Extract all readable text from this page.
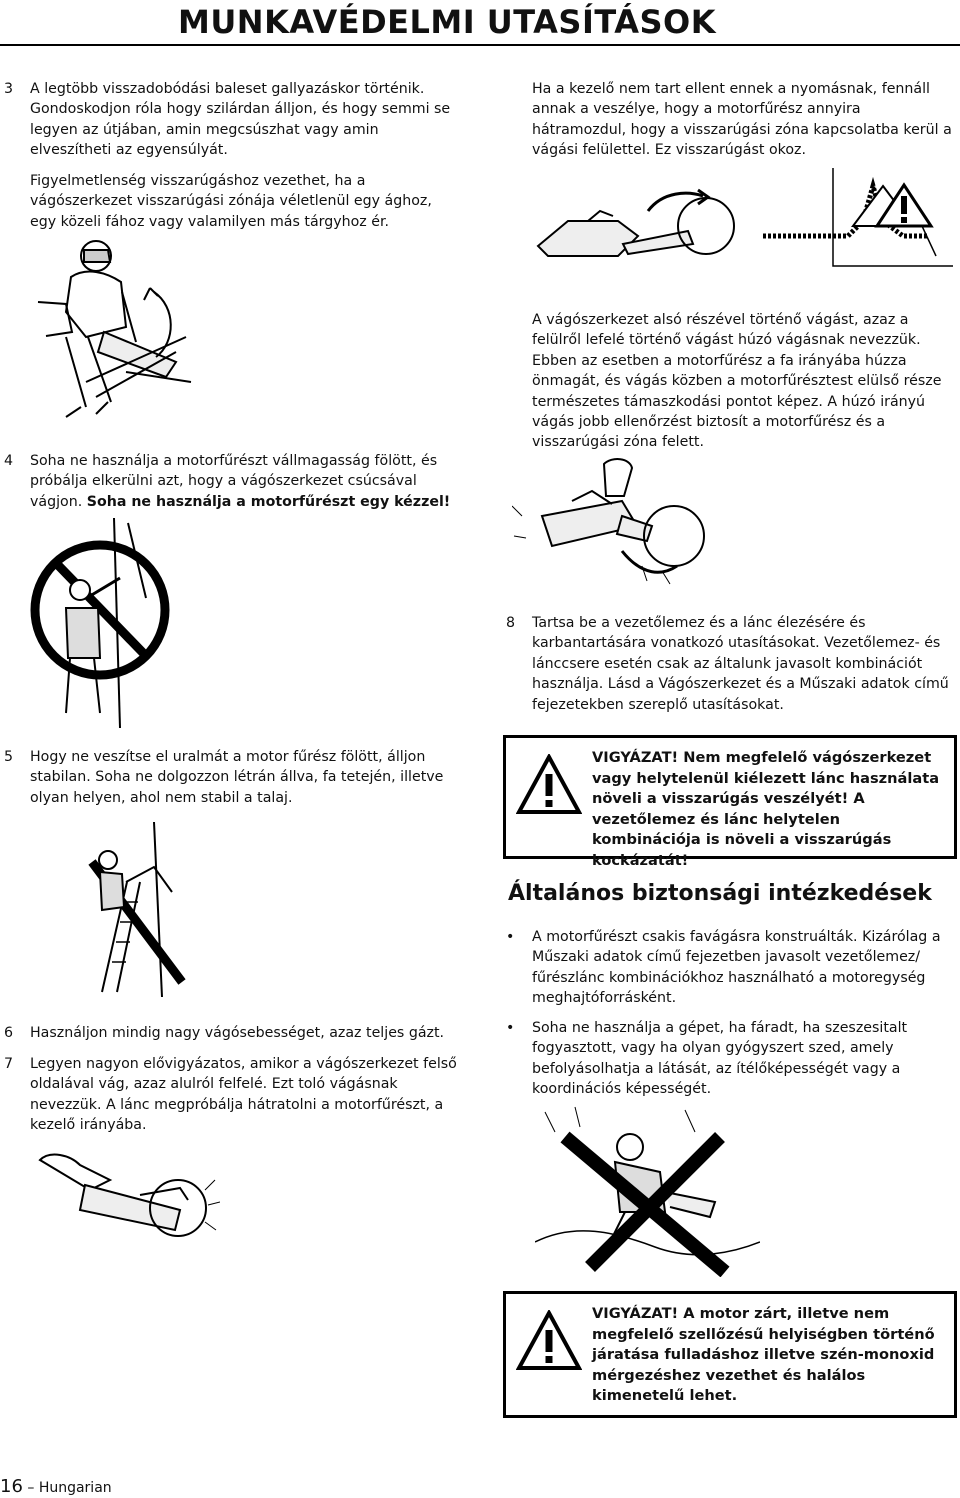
MUNKAVÉDELMI UTASÍTÁSOK
3	A legtöbb visszadobódási baleset gallyazáskor történik. Gondoskodjon róla hogy szilárdan álljon, és hogy semmi se legyen az útjában, amin megcsúszhat vagy amin elveszítheti az egyensúlyát.

Figyelmetlenség visszarúgáshoz vezethet, ha a vágószerkezet visszarúgási zónája véletlenül egy ághoz, egy közeli fához vagy valamilyen más tárgyhoz ér.

4	Soha ne használja a motorfűrészt vállmagasság fölött, és próbálja elkerülni azt, hogy a vágószerkezet csúcsával vágjon. Soha ne használja a motorfűrészt egy kézzel!

5	Hogy ne veszítse el uralmát a motor fűrész fölött, álljon stabilan. Soha ne dolgozzon létrán állva, fa tetején, illetve olyan helyen, ahol nem stabil a talaj.

6	Használjon mindig nagy vágósebességet, azaz teljes gázt.

7	Legyen nagyon elővigyázatos, amikor a vágószerkezet felső oldalával vág, azaz alulról felfelé. Ezt toló vágásnak nevezzük. A lánc megpróbálja hátratolni a motorfűrészt, a kezelő irányába.

Ha a kezelő nem tart ellent ennek a nyomásnak, fennáll annak a veszélye, hogy a motorfűrész annyira hátramozdul, hogy a visszarúgási zóna kapcsolatba kerül a vágási felülettel. Ez visszarúgást okoz.

A vágószerkezet alsó részével történő vágást, azaz a felülről lefelé történő vágást húzó vágásnak nevezzük. Ebben az esetben a motorfűrész a fa irányába húzza önmagát, és vágás közben a motorfűrésztest elülső része természetes támaszkodási pontot képez. A húzó irányú vágás jobb ellenőrzést biztosít a motorfűrész és a visszarúgási zóna felett.

8	Tartsa be a vezetőlemez és a lánc élezésére és karbantartására vonatkozó utasításokat. Vezetőlemez- és lánccsere esetén csak az általunk javasolt kombinációt használja. Lásd a Vágószerkezet és a Műszaki adatok című fejezetekben szereplő utasításokat.

VIGYÁZAT! Nem megfelelő vágószerkezet vagy helytelenül kiélezett lánc használata növeli a visszarúgás veszélyét! A vezetőlemez és lánc helytelen kombinációja is növeli a visszarúgás kockázatát!
Általános biztonsági intézkedések
• A motorfűrészt csakis favágásra konstruálták. Kizárólag a Műszaki adatok című fejezetben javasolt vezetőlemez/ fűrészlánc kombinációkhoz használható a motoregység meghajtóforrásként.
• Soha ne használja a gépet, ha fáradt, ha szeszesitalt fogyasztott, vagy ha olyan gyógyszert szed, amely befolyásolhatja a látását, az ítélőképességét vagy a koordinációs képességét.
VIGYÁZAT! A motor zárt, illetve nem megfelelő szellőzésű helyiségben történő járatása fulladáshoz illetve szén-monoxid mérgezéshez vezethet és halálos kimenetelű lehet.
16 – Hungarian
